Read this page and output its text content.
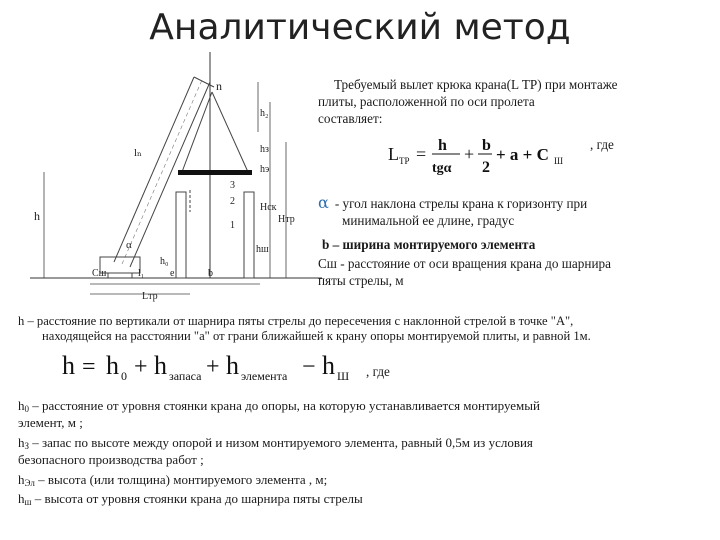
Аналитический метод
n
h₂
lₙ
h
Сш	l₁	e	b
Lтр
1
2
3
α
Hтр
Hск
hш
hэ
hз
h₀
Требуемый вылет крюка крана(L ТР) при монтаже
плиты, расположенной по оси пролета
составляет:
L ТР = h
tgα
+ b
2
+ a + C Ш
, где
α - угол наклона стрелы крана к горизонту при
минимальной ее длине, градус
b – ширина монтируемого элемента
Cш - расстояние от оси вращения крана до шарнира
пяты стрелы, м
h – расстояние по вертикали от шарнира пяты стрелы до пересечения с наклонной стрелой в точке "А",
находящейся на расстоянии "а" от грани ближайшей к крану опоры монтируемой плиты, и равной 1м.
h = h 0 + h запаса + h элемента − h Ш , где
$h_0$ – расстояние от уровня стоянки крана до опоры, на которую устанавливается монтируемый
элемент, м ;
$h_З$ – запас по высоте между опорой и низом монтируемого элемента, равный 0,5м из условия
безопасного производства работ ;
$h_{Эл}$ – высота (или толщина) монтируемого элемента , м;
$h_ш$ – высота от уровня стоянки крана до шарнира пяты стрелы
